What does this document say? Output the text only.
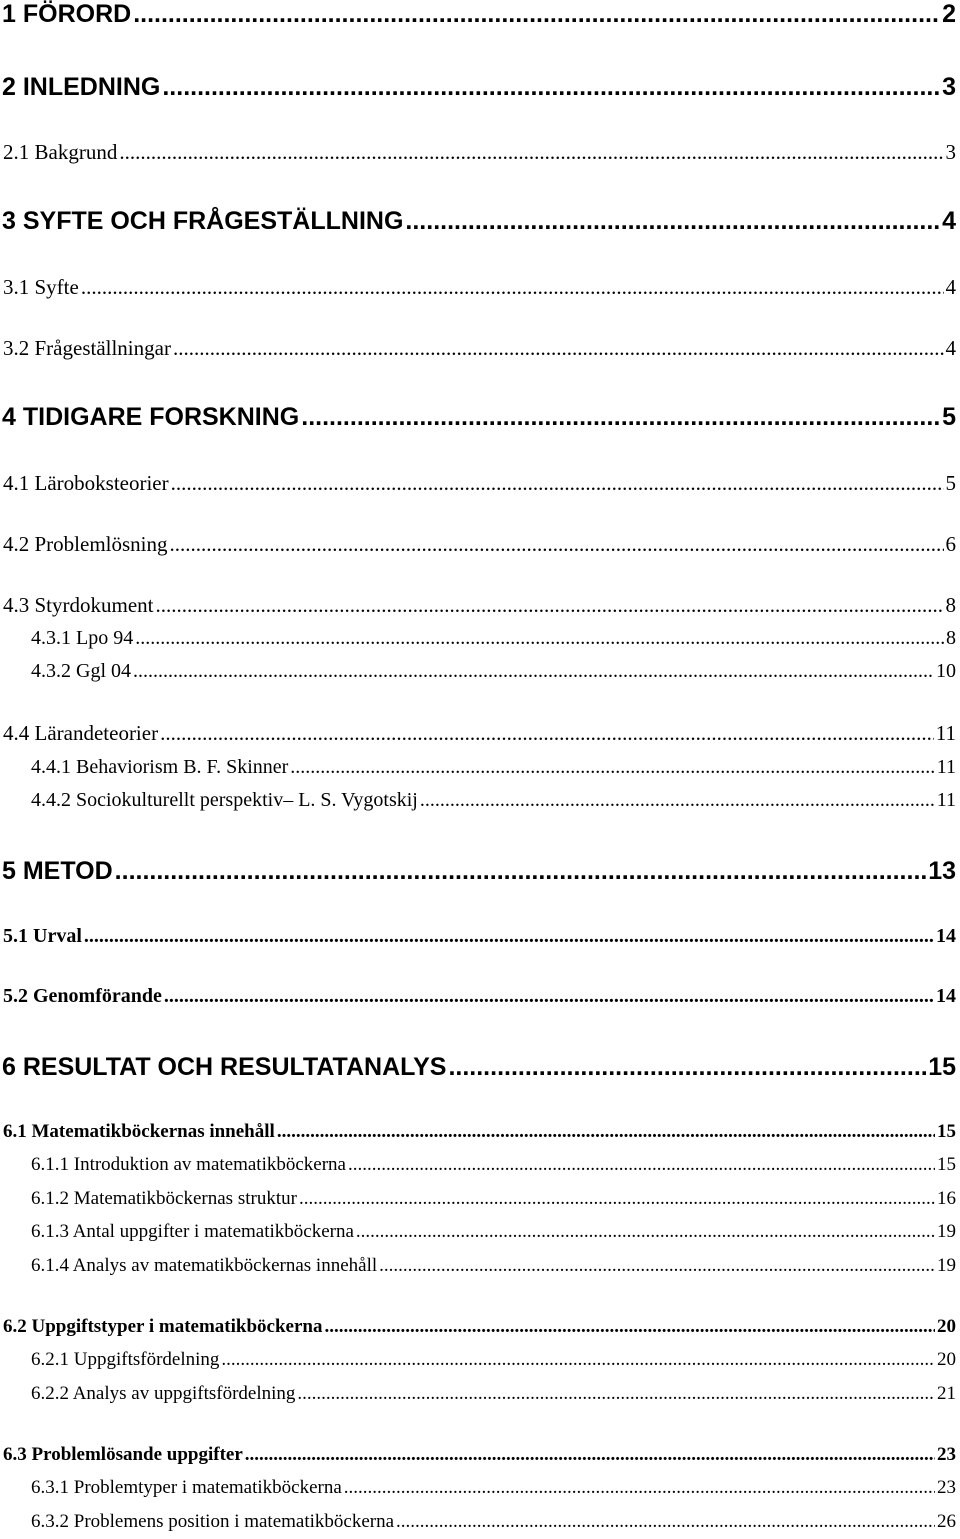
1 FÖRORD .....	2
2 INLEDNING .....	3
2.1 Bakgrund .....	3
3 SYFTE OCH FRÅGESTÄLLNING .....	4
3.1 Syfte .....	4
3.2 Frågeställningar .....	4
4 TIDIGARE FORSKNING .....	5
4.1 Läroboksteorier .....	5
4.2 Problemlösning .....	6
4.3 Styrdokument .....	8
4.3.1 Lpo 94 .....	8
4.3.2 Ggl 04 .....	10
4.4 Lärandeteorier .....	11
4.4.1 Behaviorism B. F. Skinner .....	11
4.4.2 Sociokulturellt perspektiv– L. S. Vygotskij .....	11
5 METOD .....	13
5.1 Urval .....	14
5.2 Genomförande .....	14
6 RESULTAT OCH RESULTATANALYS .....	15
6.1 Matematikböckernas innehåll .....	15
6.1.1 Introduktion av matematikböckerna .....	15
6.1.2 Matematikböckernas struktur .....	16
6.1.3 Antal uppgifter i matematikböckerna .....	19
6.1.4 Analys av matematikböckernas innehåll .....	19
6.2 Uppgiftstyper i matematikböckerna .....	20
6.2.1 Uppgiftsfördelning .....	20
6.2.2 Analys av uppgiftsfördelning .....	21
6.3 Problemlösande uppgifter .....	23
6.3.1 Problemtyper i matematikböckerna .....	23
6.3.2 Problemens position i matematikböckerna .....	26
